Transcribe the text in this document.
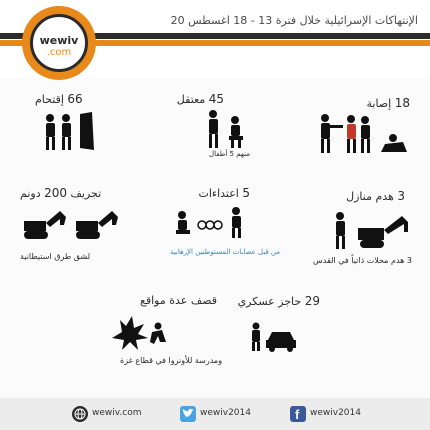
الإنتهاكات الإسرائيلية خلال فترة 13 - 18 اغسطس 20
wewiv
.com
18 إصابة
45 معتقل
منهم 5 أطفال
66 إقتحام
3 هدم منازل
3 هدم محلات ذاتياً في القدس
5 اعتداءات
من قبل عصابات المستوطنين الإرهابية
تجريف 200 دونم
لشق طرق استيطانية
29 حاجز عسكري
قصف عدة مواقع
ومدرسة للأونروا في قطاع غزة
f wewiv2014
wewiv2014
wewiv.com
